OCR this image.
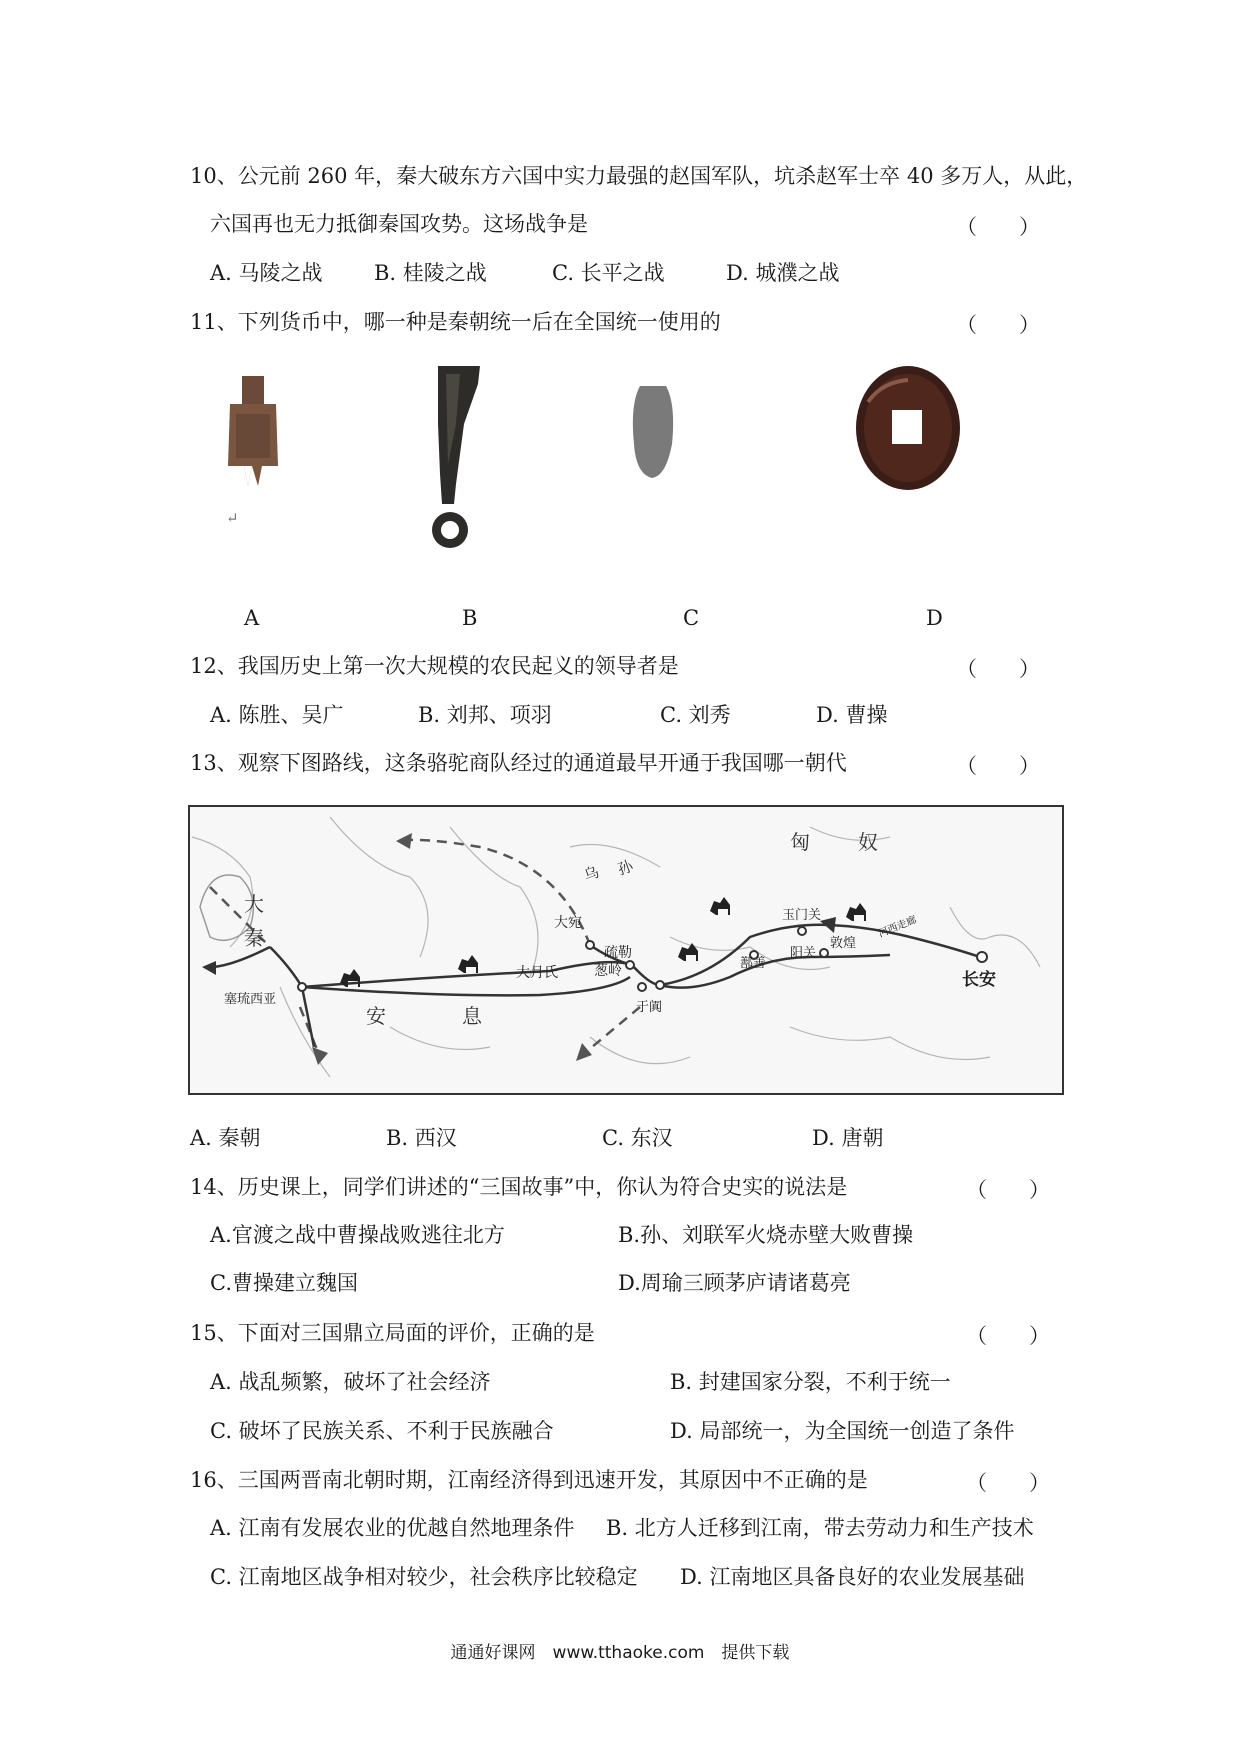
10、公元前 260 年，秦大破东方六国中实力最强的赵国军队，坑杀赵军士卒 40 多万人，从此，
六国再也无力抵御秦国攻势。这场战争是	（　　）
A. 马陵之战 B. 桂陵之战	C. 长平之战	D. 城濮之战
11、下列货币中，哪一种是秦朝统一后在全国统一使用的	（　　）
↵
A	B	C	D
12、我国历史上第一次大规模的农民起义的领导者是	（　　）
A. 陈胜、吴广	B. 刘邦、项羽	C. 刘秀	D. 曹操
13、观察下图路线，这条骆驼商队经过的通道最早开通于我国哪一朝代	（　　）
匈 奴
乌 孙
大
秦
大宛
疏勒
玉门关
敦煌
阳关
河西走廊
鄯善
大月氏	葱岭
于阗
长安
塞琉西亚
安	息
A. 秦朝	B. 西汉	C. 东汉	D. 唐朝
14、历史课上，同学们讲述的“三国故事”中，你认为符合史实的说法是	（　　）
A.官渡之战中曹操战败逃往北方	B.孙、刘联军火烧赤壁大败曹操
C.曹操建立魏国	D.周瑜三顾茅庐请诸葛亮
15、下面对三国鼎立局面的评价，正确的是	（　　）
A. 战乱频繁，破坏了社会经济	B. 封建国家分裂，不利于统一
C. 破坏了民族关系、不利于民族融合	D. 局部统一，为全国统一创造了条件
16、三国两晋南北朝时期，江南经济得到迅速开发，其原因中不正确的是	（　　）
A. 江南有发展农业的优越自然地理条件 B. 北方人迁移到江南，带去劳动力和生产技术
C. 江南地区战争相对较少，社会秩序比较稳定 D. 江南地区具备良好的农业发展基础
通通好课网　www.tthaoke.com　提供下载
